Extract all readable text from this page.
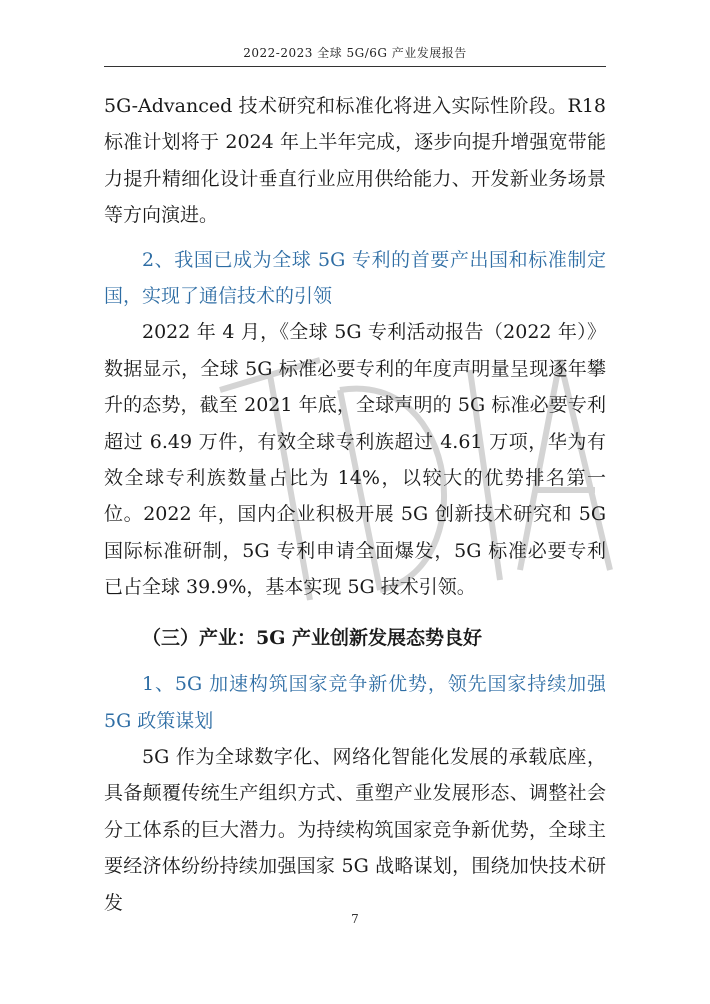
2022-2023 全球 5G/6G 产业发展报告

5G-Advanced 技术研究和标准化将进入实际性阶段。R18 标准计划将于 2024 年上半年完成，逐步向提升增强宽带能力提升精细化设计垂直行业应用供给能力、开发新业务场景等方向演进。

2、我国已成为全球 5G 专利的首要产出国和标准制定国，实现了通信技术的引领

2022 年 4 月，《全球 5G 专利活动报告（2022 年）》数据显示，全球 5G 标准必要专利的年度声明量呈现逐年攀升的态势，截至 2021 年底，全球声明的 5G 标准必要专利超过 6.49 万件，有效全球专利族超过 4.61 万项，华为有效全球专利族数量占比为 14%，以较大的优势排名第一位。2022 年，国内企业积极开展 5G 创新技术研究和 5G 国际标准研制，5G 专利申请全面爆发，5G 标准必要专利已占全球 39.9%，基本实现 5G 技术引领。

（三）产业：5G 产业创新发展态势良好

1、5G 加速构筑国家竞争新优势，领先国家持续加强 5G 政策谋划

5G 作为全球数字化、网络化智能化发展的承载底座，具备颠覆传统生产组织方式、重塑产业发展形态、调整社会分工体系的巨大潜力。为持续构筑国家竞争新优势，全球主要经济体纷纷持续加强国家 5G 战略谋划，围绕加快技术研发

7
